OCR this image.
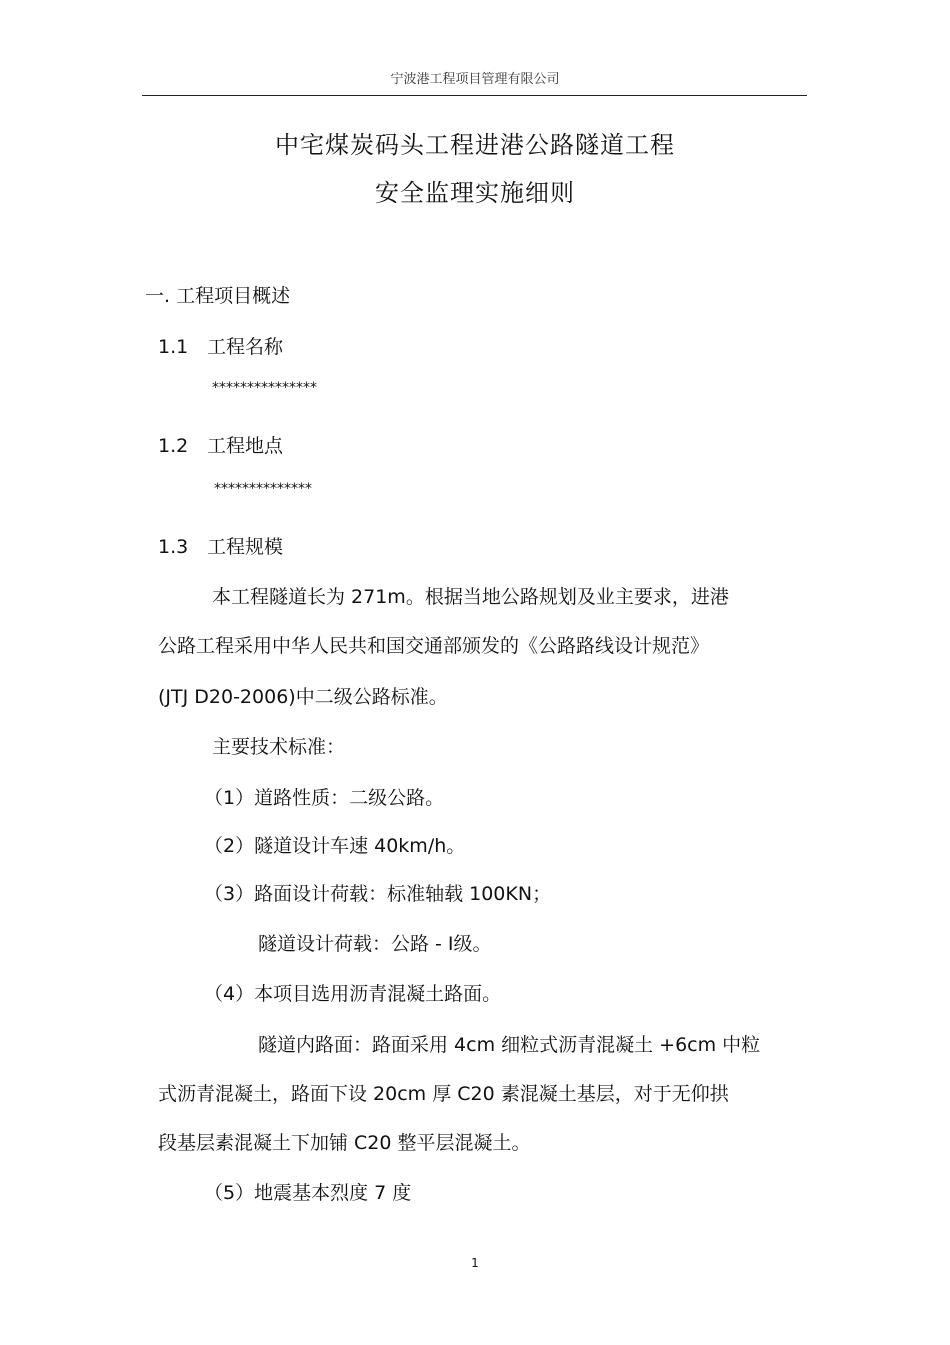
宁波港工程项目管理有限公司
中宅煤炭码头工程进港公路隧道工程
安全监理实施细则
一. 工程项目概述
1.1 工程名称
***************
1.2 工程地点
**************
1.3 工程规模
本工程隧道长为 271m。根据当地公路规划及业主要求，进港
公路工程采用中华人民共和国交通部颁发的《公路路线设计规范》
(JTJ D20-2006)中二级公路标准。
主要技术标准：
（1）道路性质：二级公路。
（2）隧道设计车速 40km/h。
（3）路面设计荷载：标准轴载 100KN；
隧道设计荷载：公路 - Ⅰ级。
（4）本项目选用沥青混凝土路面。
隧道内路面：路面采用 4cm 细粒式沥青混凝土 +6cm 中粒
式沥青混凝土，路面下设 20cm 厚 C20 素混凝土基层，对于无仰拱
段基层素混凝土下加铺 C20 整平层混凝土。
（5）地震基本烈度 7 度
1
